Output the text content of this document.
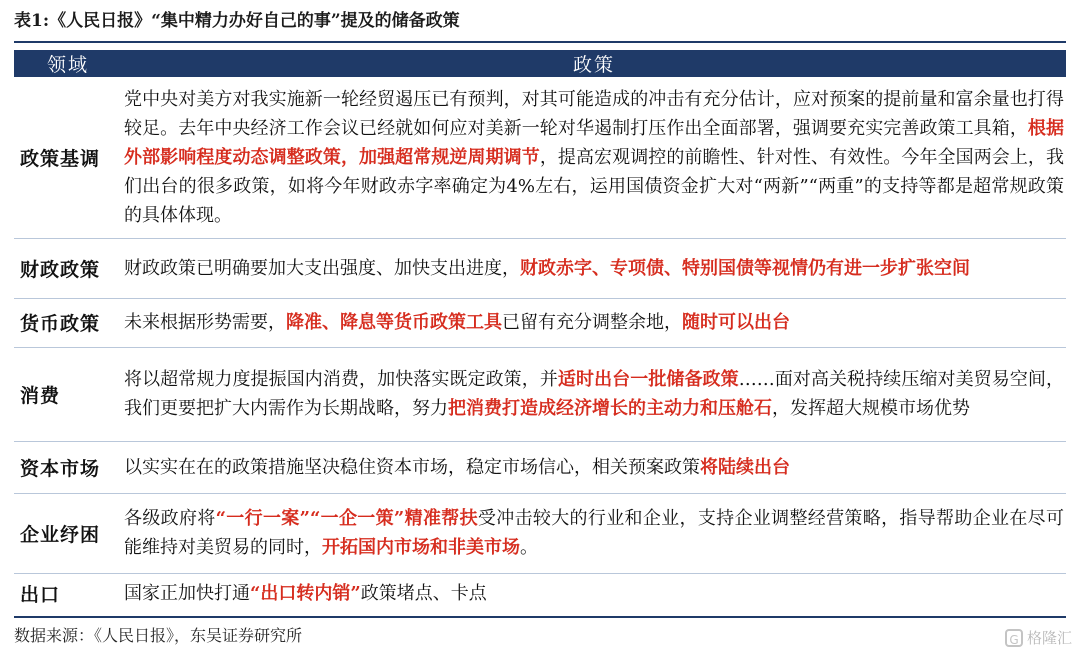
表1:《人民日报》“集中精力办好自己的事”提及的储备政策
领域	政策
政策基调	党中央对美方对我实施新一轮经贸遏压已有预判，对其可能造成的冲击有充分估计，应对预案的提前量和富余量也打得较足。去年中央经济工作会议已经就如何应对美新一轮对华遏制打压作出全面部署，强调要充实完善政策工具箱，根据外部影响程度动态调整政策，加强超常规逆周期调节，提高宏观调控的前瞻性、针对性、有效性。今年全国两会上，我们出台的很多政策，如将今年财政赤字率确定为4%左右，运用国债资金扩大对“两新”“两重”的支持等都是超常规政策的具体体现。
财政政策	财政政策已明确要加大支出强度、加快支出进度，财政赤字、专项债、特别国债等视情仍有进一步扩张空间
货币政策	未来根据形势需要，降准、降息等货币政策工具已留有充分调整余地，随时可以出台
消费	将以超常规力度提振国内消费，加快落实既定政策，并适时出台一批储备政策……面对高关税持续压缩对美贸易空间，我们更要把扩大内需作为长期战略，努力把消费打造成经济增长的主动力和压舱石，发挥超大规模市场优势
资本市场	以实实在在的政策措施坚决稳住资本市场，稳定市场信心，相关预案政策将陆续出台
企业纾困	各级政府将“一行一案”“一企一策”精准帮扶受冲击较大的行业和企业，支持企业调整经营策略，指导帮助企业在尽可能维持对美贸易的同时，开拓国内市场和非美市场。
出口	国家正加快打通“出口转内销”政策堵点、卡点
数据来源：《人民日报》，东吴证券研究所	G 格隆汇
